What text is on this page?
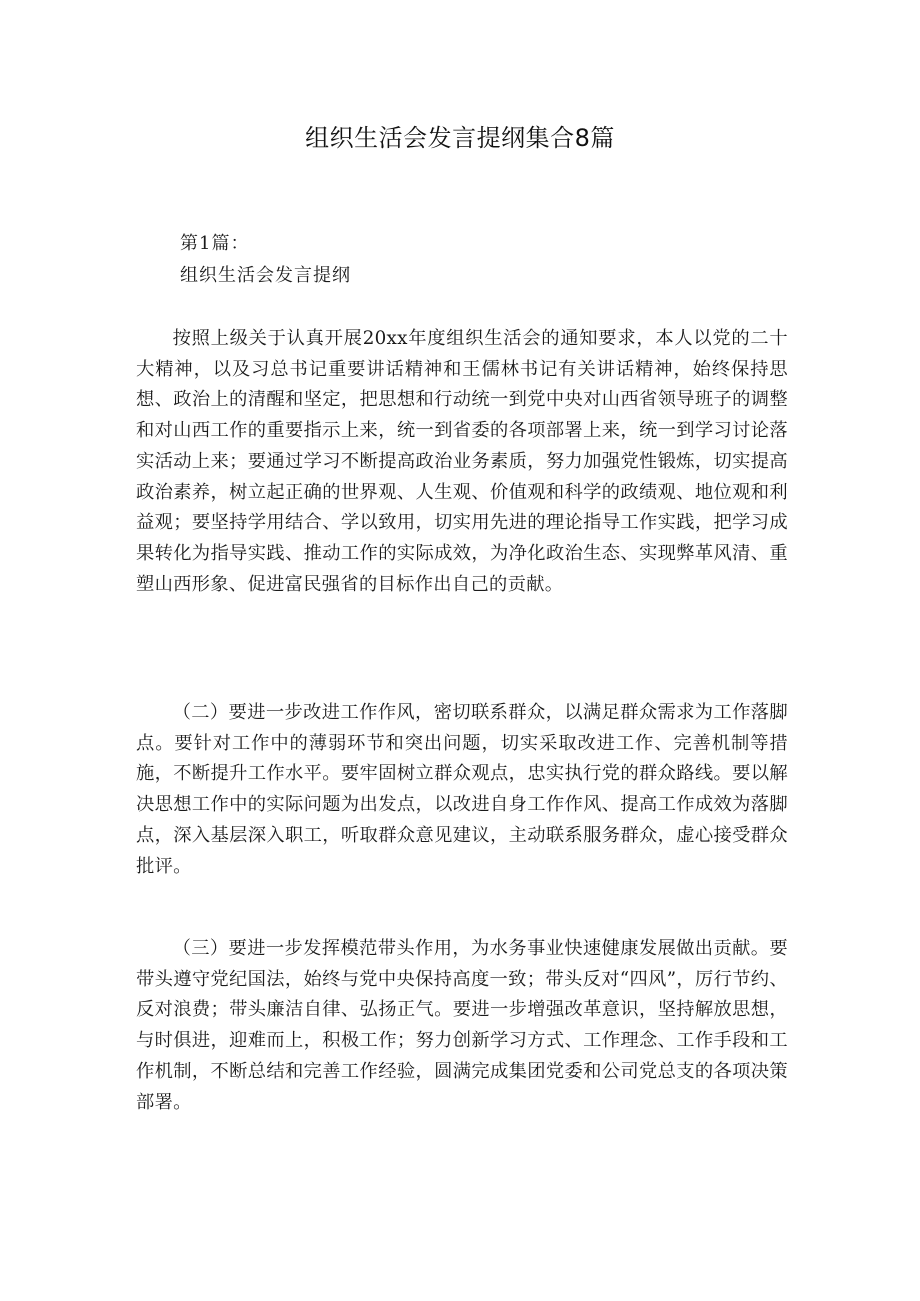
组织生活会发言提纲集合8篇
第1篇：
组织生活会发言提纲

按照上级关于认真开展20xx年度组织生活会的通知要求，本人以党的二十大精神，以及习总书记重要讲话精神和王儒林书记有关讲话精神，始终保持思想、政治上的清醒和坚定，把思想和行动统一到党中央对山西省领导班子的调整和对山西工作的重要指示上来，统一到省委的各项部署上来，统一到学习讨论落实活动上来；要通过学习不断提高政治业务素质，努力加强党性锻炼，切实提高政治素养，树立起正确的世界观、人生观、价值观和科学的政绩观、地位观和利益观；要坚持学用结合、学以致用，切实用先进的理论指导工作实践，把学习成果转化为指导实践、推动工作的实际成效，为净化政治生态、实现弊革风清、重塑山西形象、促进富民强省的目标作出自己的贡献。

（二）要进一步改进工作作风，密切联系群众，以满足群众需求为工作落脚点。要针对工作中的薄弱环节和突出问题，切实采取改进工作、完善机制等措施，不断提升工作水平。要牢固树立群众观点，忠实执行党的群众路线。要以解决思想工作中的实际问题为出发点，以改进自身工作作风、提高工作成效为落脚点，深入基层深入职工，听取群众意见建议，主动联系服务群众，虚心接受群众批评。

（三）要进一步发挥模范带头作用，为水务事业快速健康发展做出贡献。要带头遵守党纪国法，始终与党中央保持高度一致；带头反对“四风”，厉行节约、反对浪费；带头廉洁自律、弘扬正气。要进一步增强改革意识，坚持解放思想，与时俱进，迎难而上，积极工作；努力创新学习方式、工作理念、工作手段和工作机制，不断总结和完善工作经验，圆满完成集团党委和公司党总支的各项决策部署。
